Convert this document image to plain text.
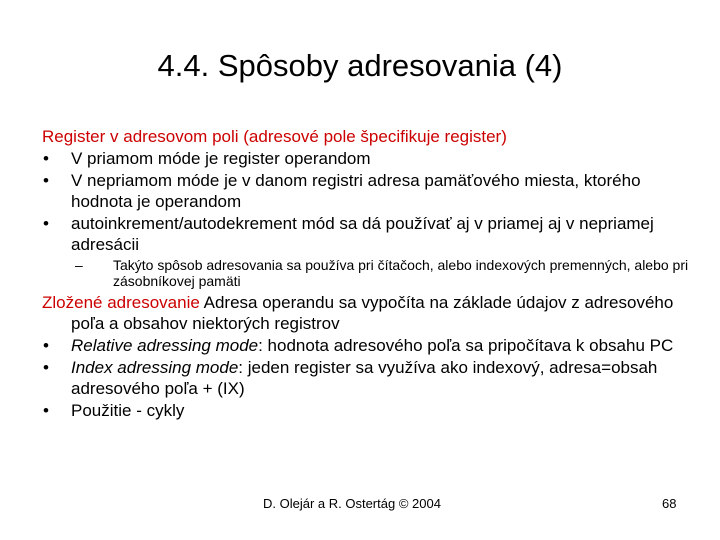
4.4. Spôsoby adresovania (4)
Register v adresovom poli (adresové pole špecifikuje register)
• V priamom móde je register operandom
• V nepriamom móde je v danom registri adresa pamäťového miesta, ktorého hodnota je operandom
• autoinkrement/autodekrement mód sa dá používať aj v priamej aj v nepriamej adresácii
– Takýto spôsob adresovania sa používa pri čítačoch, alebo indexových premenných, alebo pri zásobníkovej pamäti
Zložené adresovanie Adresa operandu sa vypočíta na základe údajov z adresového poľa a obsahov niektorých registrov
• Relative adressing mode: hodnota adresového poľa sa pripočítava k obsahu PC
• Index adressing mode: jeden register sa využíva ako indexový, adresa=obsah adresového poľa + (IX)
• Použitie - cykly
D. Olejár a R. Ostertág © 2004	68
